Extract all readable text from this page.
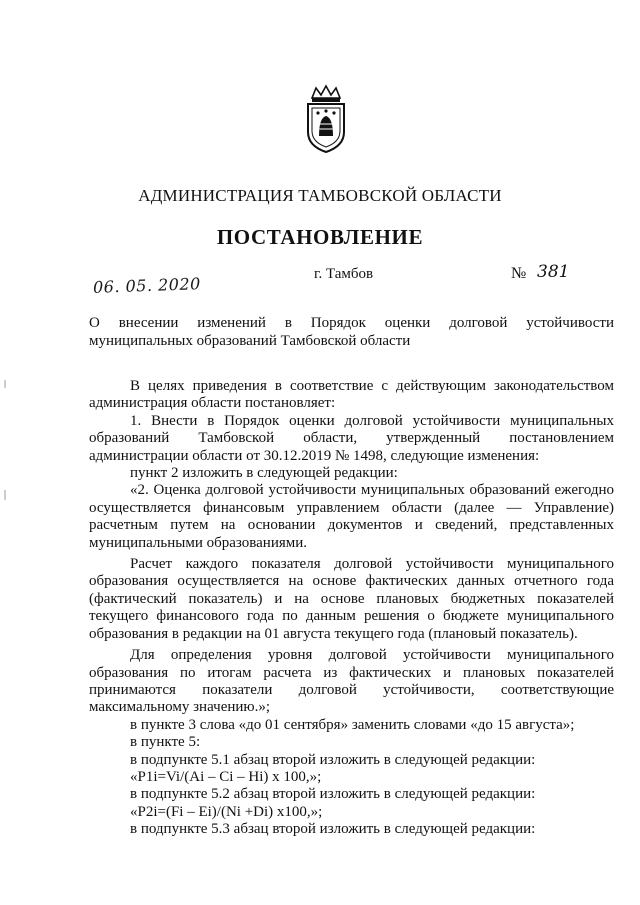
АДМИНИСТРАЦИЯ ТАМБОВСКОЙ ОБЛАСТИ
ПОСТАНОВЛЕНИЕ
06. 05. 2020
г. Тамбов	№ 381
О внесении изменений в Порядок оценки долговой устойчивости
муниципальных образований Тамбовской области

В целях приведения в соответствие с действующим законодательством администрация области постановляет:

1. Внести в Порядок оценки долговой устойчивости муниципальных образований Тамбовской области, утвержденный постановлением администрации области от 30.12.2019 № 1498, следующие изменения:

пункт 2 изложить в следующей редакции:

«2. Оценка долговой устойчивости муниципальных образований ежегодно осуществляется финансовым управлением области (далее — Управление) расчетным путем на основании документов и сведений, представленных муниципальными образованиями.

Расчет каждого показателя долговой устойчивости муниципального образования осуществляется на основе фактических данных отчетного года (фактический показатель) и на основе плановых бюджетных показателей текущего финансового года по данным решения о бюджете муниципального образования в редакции на 01 августа текущего года (плановый показатель).

Для определения уровня долговой устойчивости муниципального образования по итогам расчета из фактических и плановых показателей принимаются показатели долговой устойчивости, соответствующие максимальному значению.»;

в пункте 3 слова «до 01 сентября» заменить словами «до 15 августа»;

в пункте 5:

в подпункте 5.1 абзац второй изложить в следующей редакции:

«P1i=Vi/(Ai – Ci – Hi) x 100,»;

в подпункте 5.2 абзац второй изложить в следующей редакции:

«P2i=(Fi – Ei)/(Ni +Di) x100,»;

в подпункте 5.3 абзац второй изложить в следующей редакции:
